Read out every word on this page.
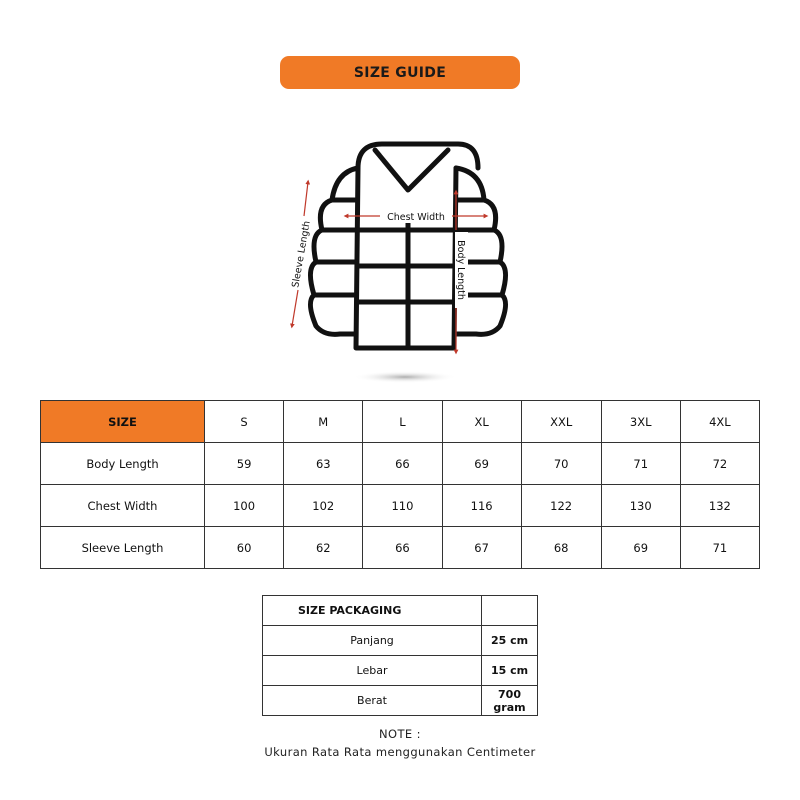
SIZE GUIDE
Chest Width
Body Length
Sleeve Length
SIZE	S	M	L	XL	XXL	3XL	4XL
Body Length	59	63	66	69	70	71	72
Chest Width	100	102	110	116	122	130	132
Sleeve Length	60	62	66	67	68	69	71
SIZE PACKAGING	
Panjang	25 cm
Lebar	15 cm
Berat	700 gram
NOTE :
Ukuran Rata Rata menggunakan Centimeter
